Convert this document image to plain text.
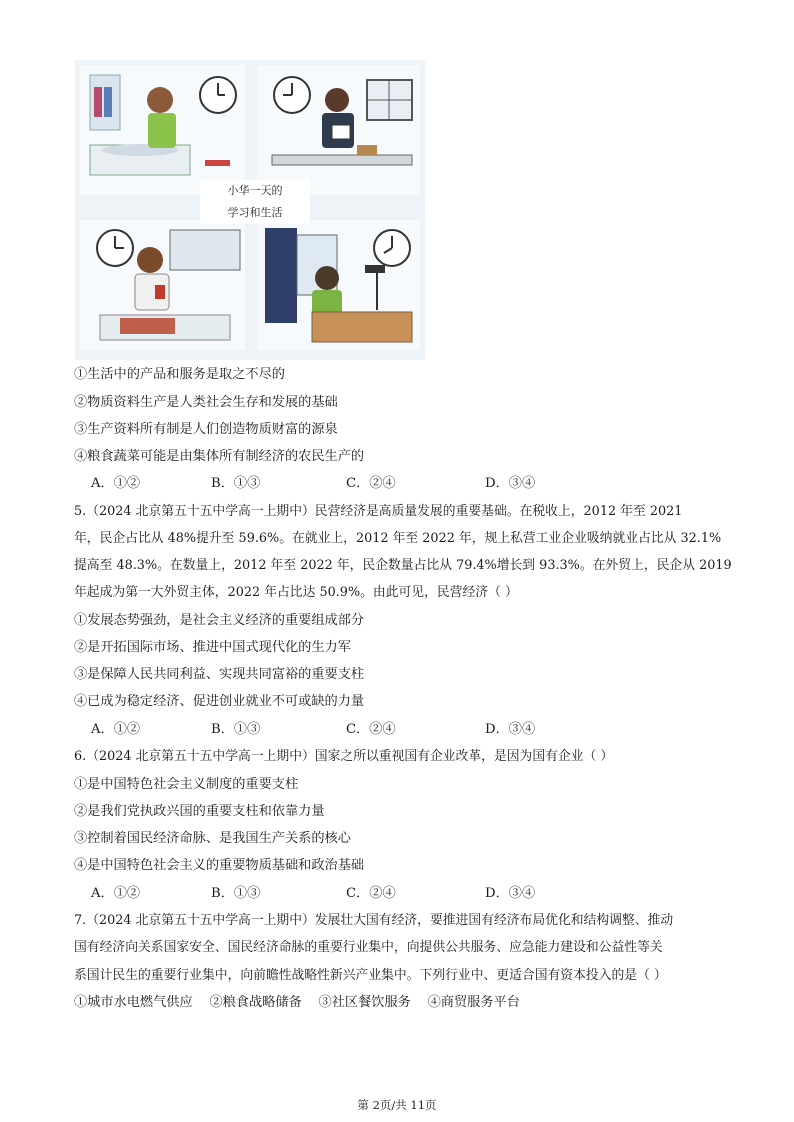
小华一天的
学习和生活
①生活中的产品和服务是取之不尽的
②物质资料生产是人类社会生存和发展的基础
③生产资料所有制是人们创造物质财富的源泉
④粮食蔬菜可能是由集体所有制经济的农民生产的
A．①②	B．①③	C．②④	D．③④
5.（2024 北京第五十五中学高一上期中）民营经济是高质量发展的重要基础。在税收上，2012 年至 2021
年，民企占比从 48%提升至 59.6%。在就业上，2012 年至 2022 年，规上私营工业企业吸纳就业占比从 32.1%
提高至 48.3%。在数量上，2012 年至 2022 年，民企数量占比从 79.4%增长到 93.3%。在外贸上，民企从 2019
年起成为第一大外贸主体，2022 年占比达 50.9%。由此可见，民营经济（ ）
①发展态势强劲，是社会主义经济的重要组成部分
②是开拓国际市场、推进中国式现代化的生力军
③是保障人民共同利益、实现共同富裕的重要支柱
④已成为稳定经济、促进创业就业不可或缺的力量
A．①②	B．①③	C．②④	D．③④
6.（2024 北京第五十五中学高一上期中）国家之所以重视国有企业改革，是因为国有企业（ ）
①是中国特色社会主义制度的重要支柱
②是我们党执政兴国的重要支柱和依靠力量
③控制着国民经济命脉、是我国生产关系的核心
④是中国特色社会主义的重要物质基础和政治基础
A．①②	B．①③	C．②④	D．③④
7.（2024 北京第五十五中学高一上期中）发展壮大国有经济，要推进国有经济布局优化和结构调整、推动
国有经济向关系国家安全、国民经济命脉的重要行业集中，向提供公共服务、应急能力建设和公益性等关
系国计民生的重要行业集中，向前瞻性战略性新兴产业集中。下列行业中、更适合国有资本投入的是（ ）
①城市水电燃气供应    ②粮食战略储备    ③社区餐饮服务    ④商贸服务平台
第 2页/共 11页
